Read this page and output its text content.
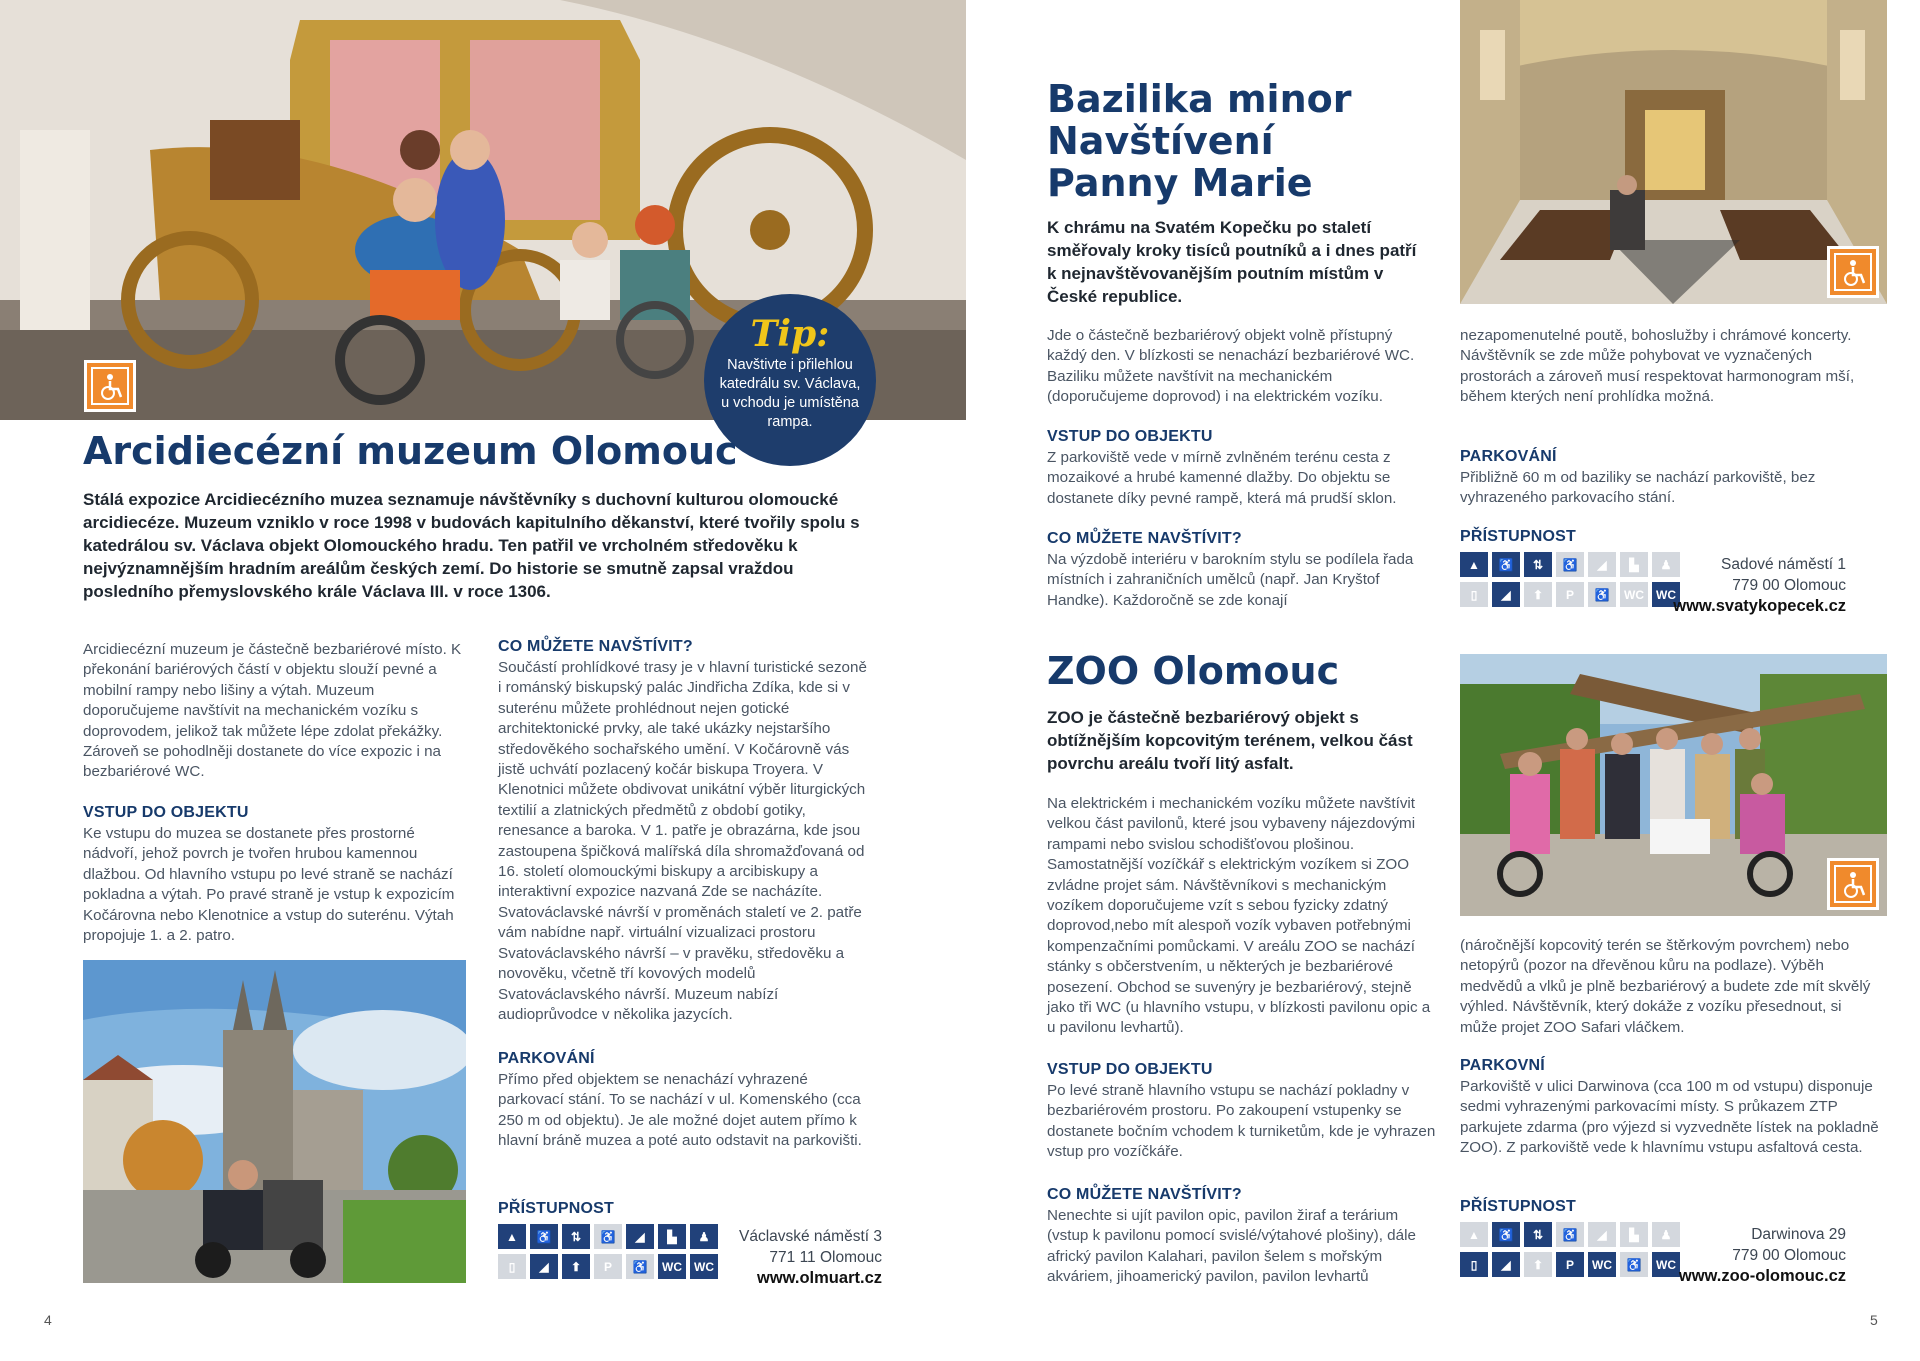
Tip:
Navštivte i přilehlou katedrálu sv. Václava, u vchodu je umístěna rampa.
Arcidiecézní muzeum Olomouc

Stálá expozice Arcidiecézního muzea seznamuje návštěvníky s duchovní kulturou olomoucké arcidiecéze. Muzeum vzniklo v roce 1998 v budovách kapitulního děkanství, které tvořily spolu s katedrálou sv. Václava objekt Olomouckého hradu. Ten patřil ve vrcholném středověku k nejvýznamnějším hradním areálům českých zemí. Do historie se smutně zapsal vraždou posledního přemyslovského krále Václava III. v roce 1306.

Arcidiecézní muzeum je částečně bezbariérové místo. K překonání bariérových částí v objektu slouží pevné a mobilní rampy nebo lišiny a výtah. Muzeum doporučujeme navštívit na mechanickém vozíku s doprovodem, jelikož tak můžete lépe zdolat překážky. Zároveň se pohodlněji dostanete do více expozic i na bezbariérové WC.

VSTUP DO OBJEKTU

Ke vstupu do muzea se dostanete přes prostorné nádvoří, jehož povrch je tvořen hrubou kamennou dlažbou. Od hlavního vstupu po levé straně se nachází pokladna a výtah. Po pravé straně je vstup k expozicím Kočárovna nebo Klenotnice a vstup do suterénu. Výtah propojuje 1. a 2. patro.

CO MŮŽETE NAVŠTÍVIT?

Součástí prohlídkové trasy je v hlavní turistické sezoně i románský biskupský palác Jindřicha Zdíka, kde si v suterénu můžete prohlédnout nejen gotické architektonické prvky, ale také ukázky nejstaršího středověkého sochařského umění. V Kočárovně vás jistě uchvátí pozlacený kočár biskupa Troyera. V Klenotnici můžete obdivovat unikátní výběr liturgických textilií a zlatnických předmětů z období gotiky, renesance a baroka. V 1. patře je obrazárna, kde jsou zastoupena špičková malířská díla shromažďovaná od 16. století olomouckými biskupy a arcibiskupy a interaktivní expozice nazvaná Zde se nacházíte. Svatováclavské návrší v proměnách staletí ve 2. patře vám nabídne např. virtuální vizualizaci prostoru Svatováclavského návrší – v pravěku, středověku a novověku, včetně tří kovových modelů Svatováclavského návrší. Muzeum nabízí audioprůvodce v několika jazycích.

PARKOVÁNÍ

Přímo před objektem se nenachází vyhrazené parkovací stání. To se nachází v ul. Komenského (cca 250 m od objektu). Je ale možné dojet autem přímo k hlavní bráně muzea a poté auto odstavit na parkovišti.

PŘÍSTUPNOST

▲	♿	⇅	♿	◢	▙	♟
▯	◢	⬆	P	♿	WC	WC
Václavské náměstí 3
771 11 Olomouc
www.olmuart.cz
4
Bazilika minor
Navštívení
Panny Marie

K chrámu na Svatém Kopečku po staletí směřovaly kroky tisíců poutníků a i dnes patří k nejnavštěvovanějším poutním místům v České republice.

Jde o částečně bezbariérový objekt volně přístupný každý den. V blízkosti se nenachází bezbariérové WC. Baziliku můžete navštívit na mechanickém (doporučujeme doprovod) i na elektrickém vozíku.

VSTUP DO OBJEKTU

Z parkoviště vede v mírně zvlněném terénu cesta z mozaikové a hrubé kamenné dlažby. Do objektu se dostanete díky pevné rampě, která má prudší sklon.

CO MŮŽETE NAVŠTÍVIT?

Na výzdobě interiéru v barokním stylu se podílela řada místních i zahraničních umělců (např. Jan Kryštof Handke). Každoročně se zde konají

nezapomenutelné poutě, bohoslužby i chrámové koncerty. Návštěvník se zde může pohybovat ve vyznačených prostorách a zároveň musí respektovat harmonogram mší, během kterých není prohlídka možná.

PARKOVÁNÍ

Přibližně 60 m od baziliky se nachází parkoviště, bez vyhrazeného parkovacího stání.

PŘÍSTUPNOST

▲	♿	⇅	♿	◢	▙	♟
▯	◢	⬆	P	♿	WC	WC
Sadové náměstí 1
779 00 Olomouc
www.svatykopecek.cz
ZOO Olomouc

ZOO je částečně bezbariérový objekt s obtížnějším kopcovitým terénem, velkou část povrchu areálu tvoří litý asfalt.

Na elektrickém i mechanickém vozíku můžete navštívit velkou část pavilonů, které jsou vybaveny nájezdovými rampami nebo svislou schodišťovou plošinou. Samostatnější vozíčkář s elektrickým vozíkem si ZOO zvládne projet sám. Návštěvníkovi s mechanickým vozíkem doporučujeme vzít s sebou fyzicky zdatný doprovod,nebo mít alespoň vozík vybaven potřebnými kompenzačními pomůckami. V areálu ZOO se nachází stánky s občerstvením, u některých je bezbariérové posezení. Obchod se suvenýry je bezbariérový, stejně jako tři WC (u hlavního vstupu, v blízkosti pavilonu opic a u pavilonu levhartů).

VSTUP DO OBJEKTU

Po levé straně hlavního vstupu se nachází pokladny v bezbariérovém prostoru. Po zakoupení vstupenky se dostanete bočním vchodem k turniketům, kde je vyhrazen vstup pro vozíčkáře.

CO MŮŽETE NAVŠTÍVIT?

Nenechte si ujít pavilon opic, pavilon žiraf a terárium (vstup k pavilonu pomocí svislé/výtahové plošiny), dále africký pavilon Kalahari, pavilon šelem s mořským akváriem, jihoamerický pavilon, pavilon levhartů

(náročnější kopcovitý terén se štěrkovým povrchem) nebo netopýrů (pozor na dřevěnou kůru na podlaze). Výběh medvědů a vlků je plně bezbariérový a budete zde mít skvělý výhled. Návštěvník, který dokáže z vozíku přesednout, si může projet ZOO Safari vláčkem.

PARKOVNÍ

Parkoviště v ulici Darwinova (cca 100 m od vstupu) disponuje sedmi vyhrazenými parkovacími místy. S průkazem ZTP parkujete zdarma (pro výjezd si vyzvedněte lístek na pokladně ZOO). Z parkoviště vede k hlavnímu vstupu asfaltová cesta.

PŘÍSTUPNOST

▲	♿	⇅	♿	◢	▙	♟
▯	◢	⬆	P	WC	♿	WC
Darwinova 29
779 00 Olomouc
www.zoo-olomouc.cz
5
